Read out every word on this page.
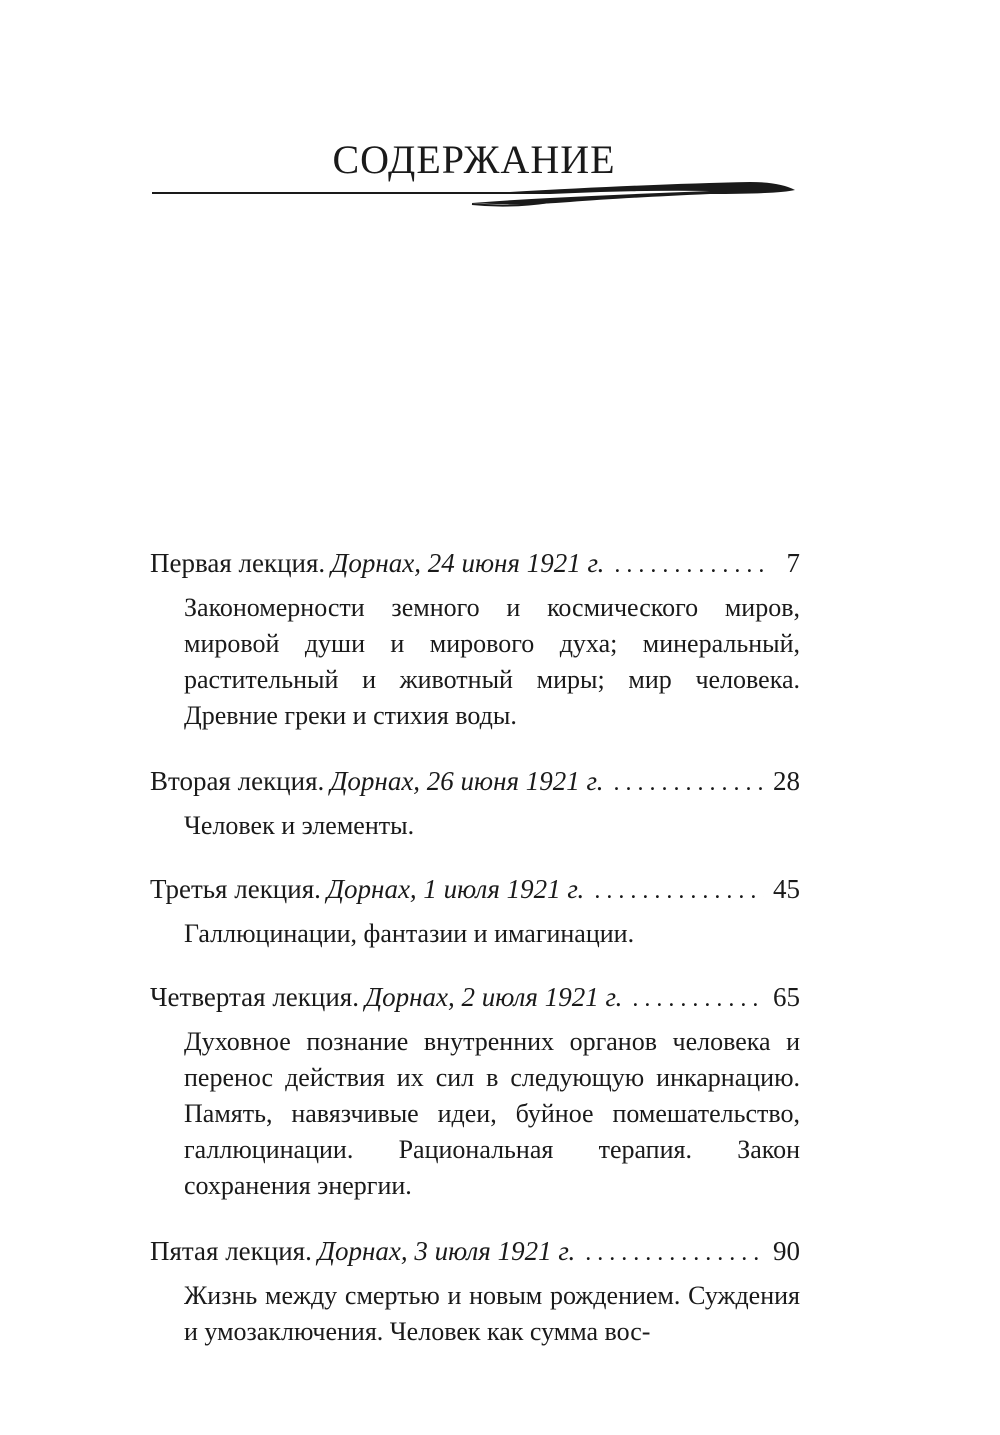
СОДЕРЖАНИЕ
Первая лекция. Дорнах, 24 июня 1921 г. . . .	7

Закономерности земного и космического миров, мировой души и мирового духа; минеральный, растительный и животный миры; мир человека. Древние греки и стихия воды.

Вторая лекция. Дорнах, 26 июня 1921 г. . . .	28

Человек и элементы.

Третья лекция. Дорнах, 1 июля 1921 г. . . .	45

Галлюцинации, фантазии и имагинации.

Четвертая лекция. Дорнах, 2 июля 1921 г. . . .	65

Духовное познание внутренних органов человека и перенос действия их сил в следующую инкарнацию. Память, навязчивые идеи, буйное помешательство, галлюцинации. Рациональная терапия. Закон сохранения энергии.

Пятая лекция. Дорнах, 3 июля 1921 г. . . .	90

Жизнь между смертью и новым рождением. Суждения и умозаключения. Человек как сумма вос-
